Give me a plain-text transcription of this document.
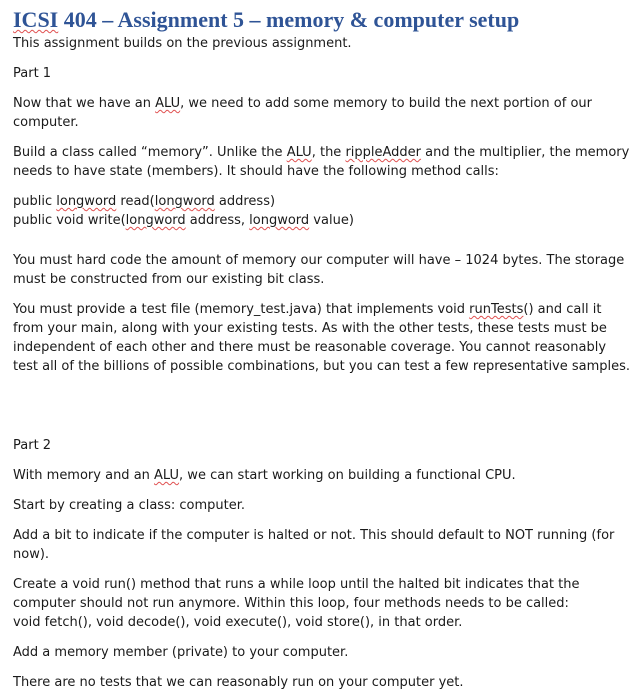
ICSI 404 – Assignment 5 – memory & computer setup

This assignment builds on the previous assignment.

Part 1

Now that we have an ALU, we need to add some memory to build the next portion of our computer.

Build a class called “memory”. Unlike the ALU, the rippleAdder and the multiplier, the memory needs to have state (members). It should have the following method calls:

public longword read(longword address)

public void write(longword address, longword value)

You must hard code the amount of memory our computer will have – 1024 bytes. The storage must be constructed from our existing bit class.

You must provide a test file (memory_test.java) that implements void runTests() and call it from your main, along with your existing tests. As with the other tests, these tests must be independent of each other and there must be reasonable coverage. You cannot reasonably test all of the billions of possible combinations, but you can test a few representative samples.

Part 2

With memory and an ALU, we can start working on building a functional CPU.

Start by creating a class: computer.

Add a bit to indicate if the computer is halted or not. This should default to NOT running (for now).

Create a void run() method that runs a while loop until the halted bit indicates that the computer should not run anymore. Within this loop, four methods needs to be called:

void fetch(), void decode(), void execute(), void store(), in that order.

Add a memory member (private) to your computer.

There are no tests that we can reasonably run on your computer yet.
